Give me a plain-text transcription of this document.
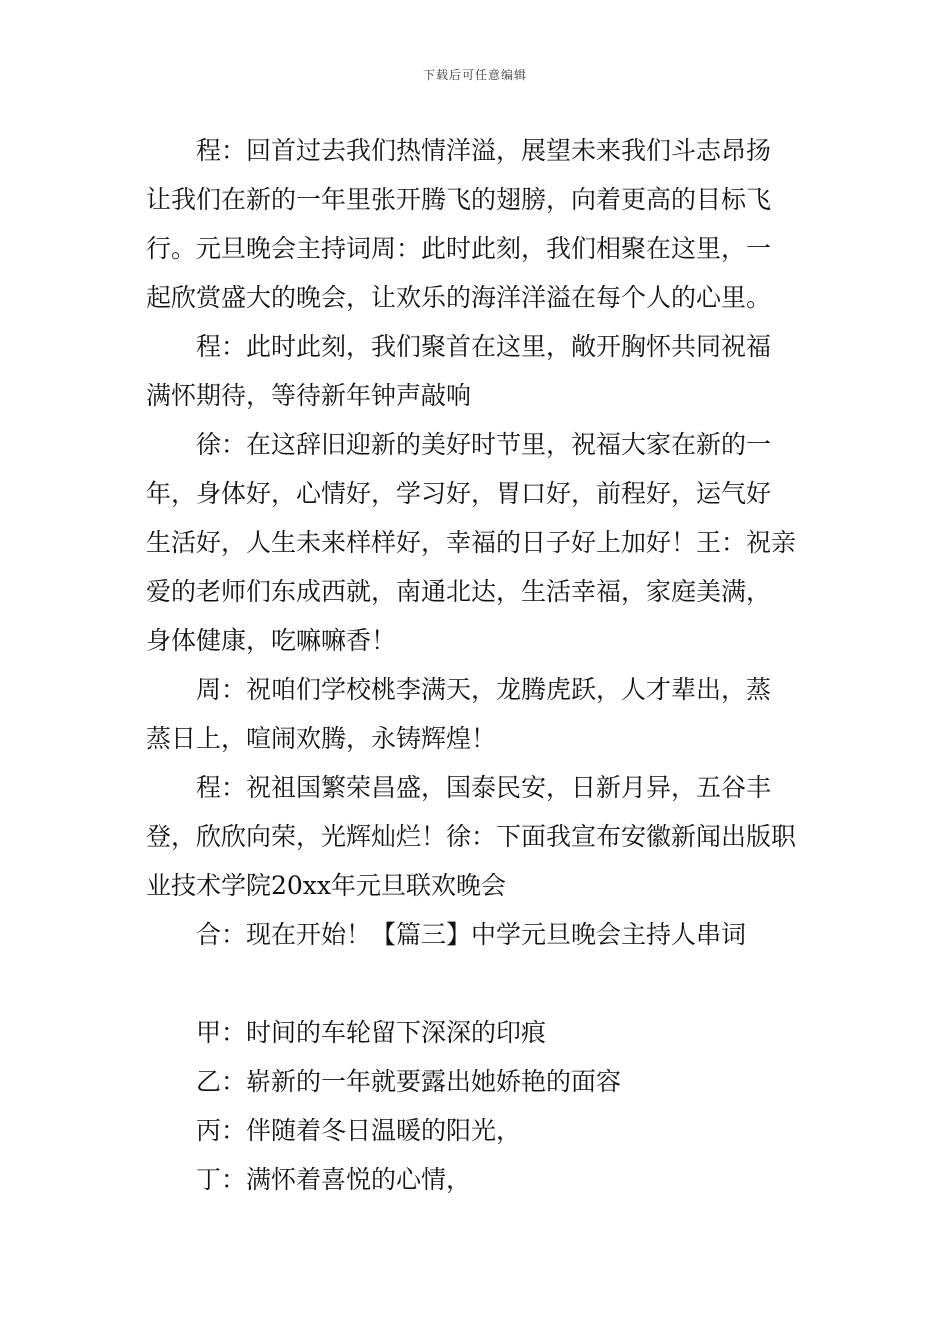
下载后可任意编辑

程：回首过去我们热情洋溢，展望未来我们斗志昂扬
让我们在新的一年里张开腾飞的翅膀，向着更高的目标飞
行。元旦晚会主持词周：此时此刻，我们相聚在这里，一
起欣赏盛大的晚会，让欢乐的海洋洋溢在每个人的心里。

程：此时此刻，我们聚首在这里，敞开胸怀共同祝福
满怀期待，等待新年钟声敲响

徐：在这辞旧迎新的美好时节里，祝福大家在新的一
年，身体好，心情好，学习好，胃口好，前程好，运气好
生活好，人生未来样样好，幸福的日子好上加好！王：祝亲
爱的老师们东成西就，南通北达，生活幸福，家庭美满，
身体健康，吃嘛嘛香！

周：祝咱们学校桃李满天，龙腾虎跃，人才辈出，蒸
蒸日上，喧闹欢腾，永铸辉煌！

程：祝祖国繁荣昌盛，国泰民安，日新月异，五谷丰
登，欣欣向荣，光辉灿烂！徐：下面我宣布安徽新闻出版职
业技术学院20xx年元旦联欢晚会

合：现在开始！【篇三】中学元旦晚会主持人串词

甲：时间的车轮留下深深的印痕

乙：崭新的一年就要露出她娇艳的面容

丙：伴随着冬日温暖的阳光，

丁：满怀着喜悦的心情，
